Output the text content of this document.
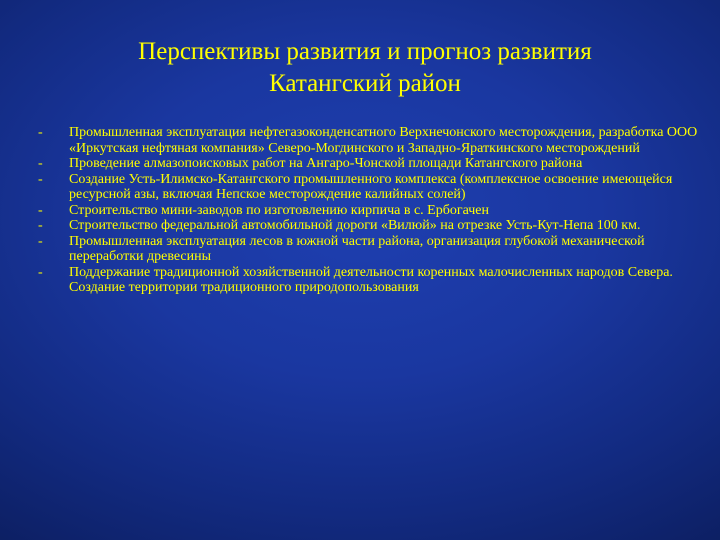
Перспективы развития и прогноз развития
Катангский район
- Промышленная эксплуатация нефтегазоконденсатного Верхнечонского месторождения, разработка ООО «Иркутская нефтяная компания» Северо-Могдинского и Западно-Яраткинского месторождений
- Проведение алмазопоисковых работ на Ангаро-Чонской площади Катангского района
- Создание Усть-Илимско-Катангского промышленного комплекса (комплексное освоение имеющейся ресурсной азы, включая Непское месторождение калийных солей)
- Строительство мини-заводов по изготовлению кирпича в с. Ербогачен
- Строительство федеральной автомобильной дороги «Вилюй» на отрезке Усть-Кут-Непа 100 км.
- Промышленная эксплуатация лесов в южной части района, организация глубокой механической переработки древесины
- Поддержание традиционной хозяйственной деятельности коренных малочисленных народов Севера. Создание территории традиционного природопользования
